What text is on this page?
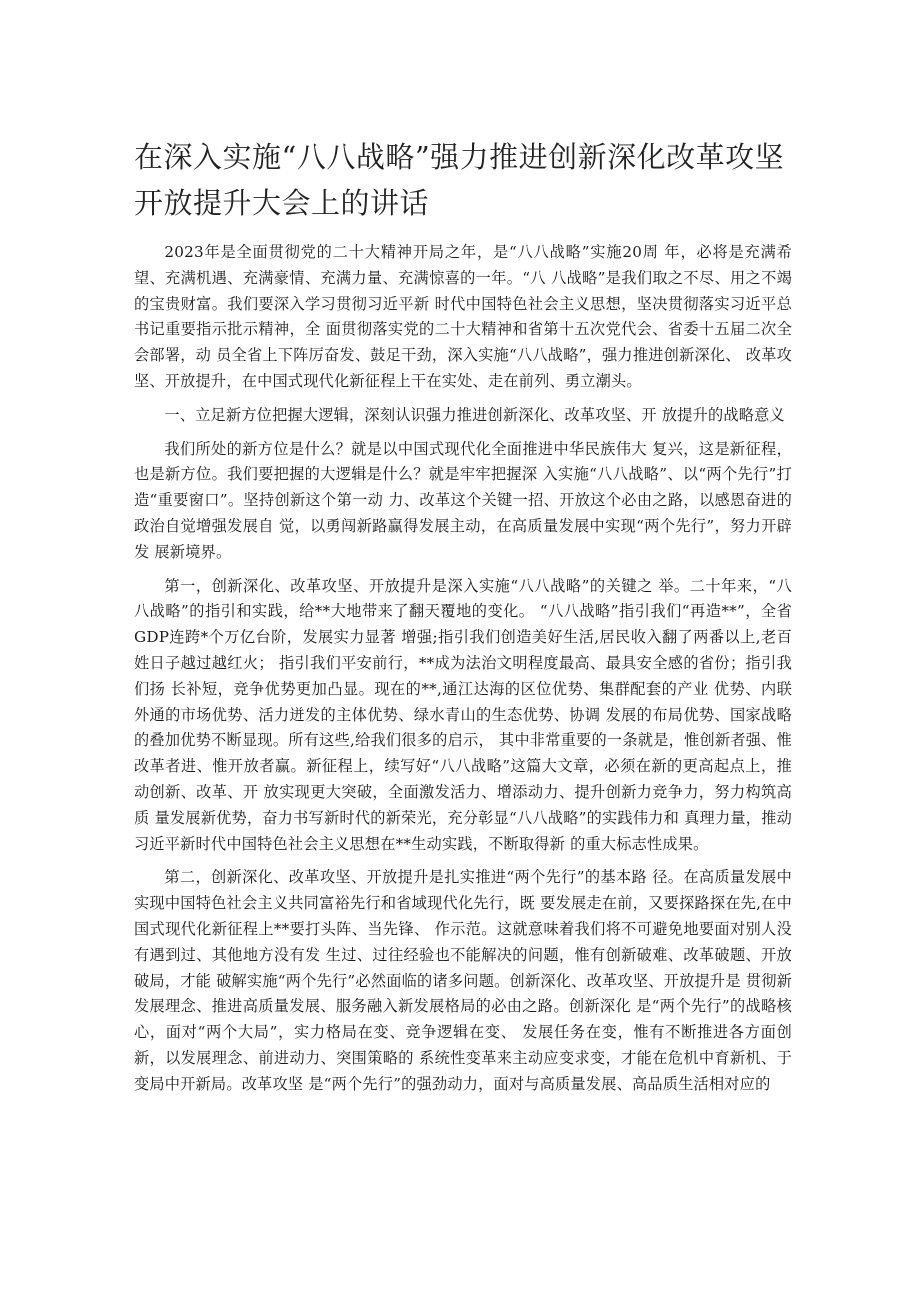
在深入实施“八八战略”强力推进创新深化改革攻坚开放提升大会上的讲话

2023年是全面贯彻党的二十大精神开局之年，是“八八战略”实施20周 年，必将是充满希望、充满机遇、充满豪情、充满力量、充满惊喜的一年。“八 八战略”是我们取之不尽、用之不竭的宝贵财富。我们要深入学习贯彻习近平新 时代中国特色社会主义思想，坚决贯彻落实习近平总书记重要指示批示精神，全 面贯彻落实党的二十大精神和省第十五次党代会、省委十五届二次全会部署，动 员全省上下阵厉奋发、鼓足干劲，深入实施“八八战略”，强力推进创新深化、 改革攻坚、开放提升，在中国式现代化新征程上干在实处、走在前列、勇立潮头。

一、立足新方位把握大逻辑，深刻认识强力推进创新深化、改革攻坚、开 放提升的战略意义

我们所处的新方位是什么？就是以中国式现代化全面推进中华民族伟大 复兴，这是新征程，也是新方位。我们要把握的大逻辑是什么？就是牢牢把握深 入实施“八八战略”、以“两个先行”打造“重要窗口”。坚持创新这个第一动 力、改革这个关键一招、开放这个必由之路，以感恩奋进的政治自觉增强发展自 觉，以勇闯新路赢得发展主动，在高质量发展中实现“两个先行”，努力开辟发 展新境界。

第一，创新深化、改革攻坚、开放提升是深入实施“八八战略”的关键之 举。二十年来，“八八战略”的指引和实践，给**大地带来了翻天覆地的变化。 “八八战略”指引我们“再造**”，全省GDP连跨*个万亿台阶，发展实力显著 增强;指引我们创造美好生活,居民收入翻了两番以上,老百姓日子越过越红火； 指引我们平安前行，**成为法治文明程度最高、最具安全感的省份；指引我们扬 长补短，竞争优势更加凸显。现在的**,通江达海的区位优势、集群配套的产业 优势、内联外通的市场优势、活力迸发的主体优势、绿水青山的生态优势、协调 发展的布局优势、国家战略的叠加优势不断显现。所有这些,给我们很多的启示， 其中非常重要的一条就是，惟创新者强、惟改革者进、惟开放者赢。新征程上，续写好“八八战略”这篇大文章，必须在新的更高起点上，推动创新、改革、开 放实现更大突破，全面激发活力、增添动力、提升创新力竞争力，努力构筑高质 量发展新优势，奋力书写新时代的新荣光，充分彰显“八八战略”的实践伟力和 真理力量，推动习近平新时代中国特色社会主义思想在**生动实践，不断取得新 的重大标志性成果。

第二，创新深化、改革攻坚、开放提升是扎实推进“两个先行”的基本路 径。在高质量发展中实现中国特色社会主义共同富裕先行和省域现代化先行，既 要发展走在前，又要探路探在先,在中国式现代化新征程上**要打头阵、当先锋、 作示范。这就意味着我们将不可避免地要面对别人没有遇到过、其他地方没有发 生过、过往经验也不能解决的问题，惟有创新破难、改革破题、开放破局，才能 破解实施“两个先行”必然面临的诸多问题。创新深化、改革攻坚、开放提升是 贯彻新发展理念、推进高质量发展、服务融入新发展格局的必由之路。创新深化 是“两个先行”的战略核心，面对“两个大局”，实力格局在变、竞争逻辑在变、 发展任务在变，惟有不断推进各方面创新，以发展理念、前进动力、突围策略的 系统性变革来主动应变求变，才能在危机中育新机、于变局中开新局。改革攻坚 是“两个先行”的强劲动力，面对与高质量发展、高品质生活相对应的
